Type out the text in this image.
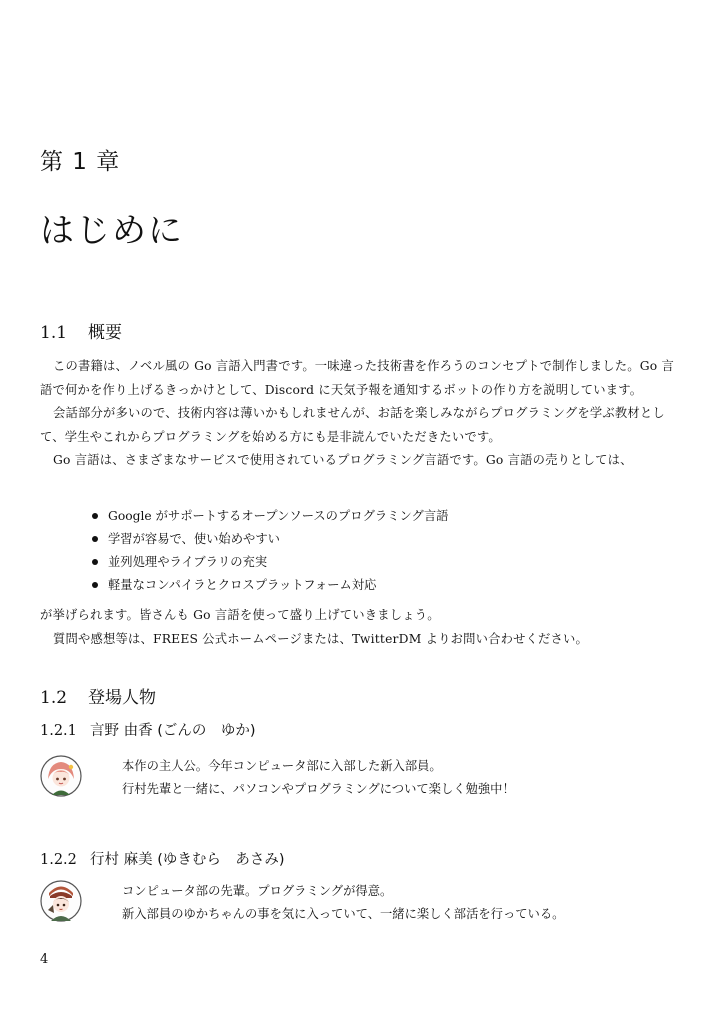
第 1 章
はじめに
1.1 概要

この書籍は、ノベル風の Go 言語入門書です。一味違った技術書を作ろうのコンセプトで制作しました。Go 言語で何かを作り上げるきっかけとして、Discord に天気予報を通知するボットの作り方を説明しています。

会話部分が多いので、技術内容は薄いかもしれませんが、お話を楽しみながらプログラミングを学ぶ教材として、学生やこれからプログラミングを始める方にも是非読んでいただきたいです。

Go 言語は、さまざまなサービスで使用されているプログラミング言語です。Go 言語の売りとしては、

Google がサポートするオープンソースのプログラミング言語
学習が容易で、使い始めやすい
並列処理やライブラリの充実
軽量なコンパイラとクロスプラットフォーム対応

が挙げられます。皆さんも Go 言語を使って盛り上げていきましょう。

質問や感想等は、FREES 公式ホームページまたは、TwitterDM よりお問い合わせください。

1.2 登場人物
1.2.1 言野 由香 (ごんの　ゆか)
本作の主人公。今年コンピュータ部に入部した新入部員。
行村先輩と一緒に、パソコンやプログラミングについて楽しく勉強中！
1.2.2 行村 麻美 (ゆきむら　あさみ)
コンピュータ部の先輩。プログラミングが得意。
新入部員のゆかちゃんの事を気に入っていて、一緒に楽しく部活を行っている。
4
